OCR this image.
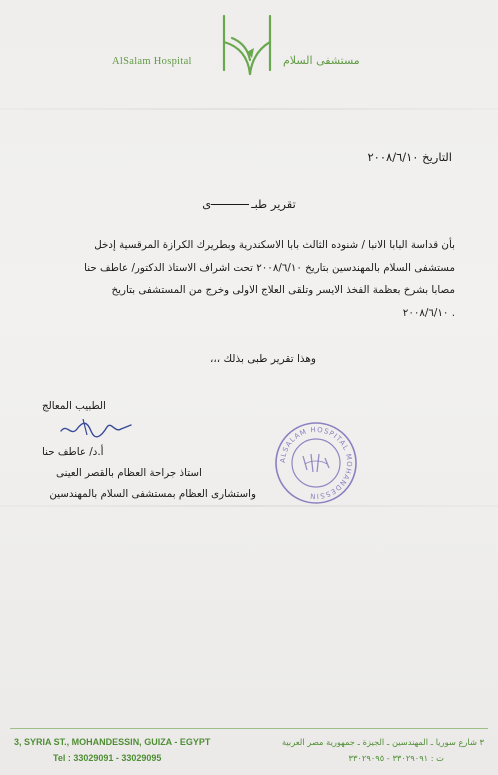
AlSalam Hospital	مستشفى السلام
التاريخ ٢٠٠٨/٦/١٠
تقرير طبـى
بأن قداسة البابا الانبا / شنوده الثالث بابا الاسكندرية وبطريرك الكرازة المرقسية إدخل
مستشفى السلام بالمهندسين بتاريخ ٢٠٠٨/٦/١٠ تحت اشراف الاستاذ الدكتور/ عاطف حنا
مصابا بشرخ بعظمة الفخذ الايسر وتلقى العلاج الاولى وخرج من المستشفى بتاريخ
. ٢٠٠٨/٦/١٠
وهذا تقرير طبى بذلك ،،،
الطبيب المعالج
أ.د/ عاطف حنا
استاذ جراحة العظام بالقصر العينى
واستشارى العظام بمستشفى السلام بالمهندسين
ALSALAM HOSPITAL MOHANDESSIN
3, SYRIA ST., MOHANDESSIN, GUIZA - EGYPT
Tel : 33029091 - 33029095
٣ شارع سوريا ـ المهندسين ـ الجيزة ـ جمهورية مصر العربية
ت : ٣٣٠٢٩٠٩١ - ٣٣٠٢٩٠٩٥
